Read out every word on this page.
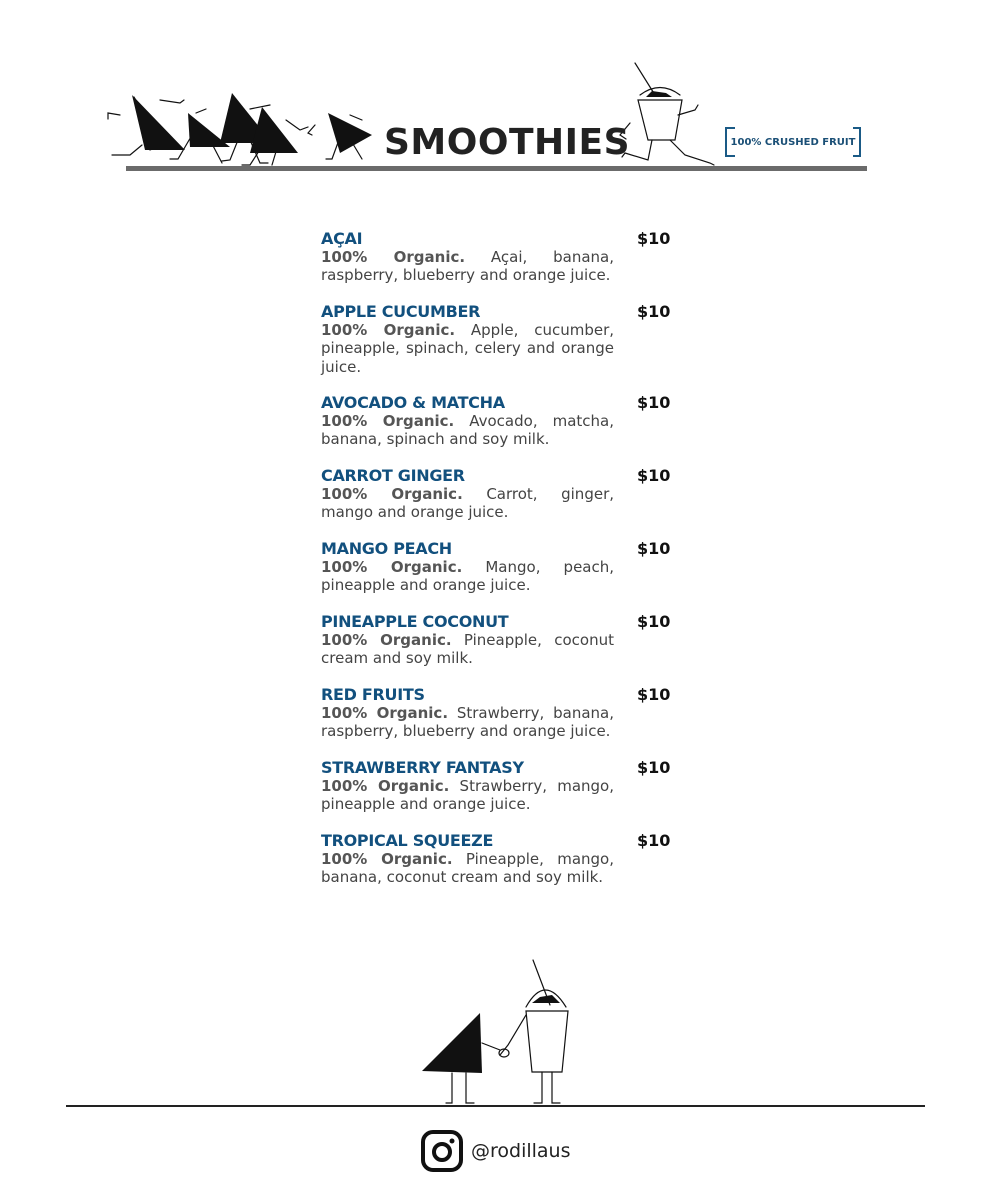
SMOOTHIES	100% CRUSHED FRUIT
AÇAI	$10

100% Organic. Açai, banana, raspberry, blueberry and orange juice.

APPLE CUCUMBER	$10

100% Organic. Apple, cucumber, pineapple, spinach, celery and orange juice.

AVOCADO & MATCHA	$10

100% Organic. Avocado, matcha, banana, spinach and soy milk.

CARROT GINGER	$10

100% Organic. Carrot, ginger, mango and orange juice.

MANGO PEACH	$10

100% Organic. Mango, peach, pineapple and orange juice.

PINEAPPLE COCONUT	$10

100% Organic. Pineapple, coconut cream and soy milk.

RED FRUITS	$10

100% Organic. Strawberry, banana, raspberry, blueberry and orange juice.

STRAWBERRY FANTASY	$10

100% Organic. Strawberry, mango, pineapple and orange juice.

TROPICAL SQUEEZE	$10

100% Organic. Pineapple, mango, banana, coconut cream and soy milk.

@rodillaus
